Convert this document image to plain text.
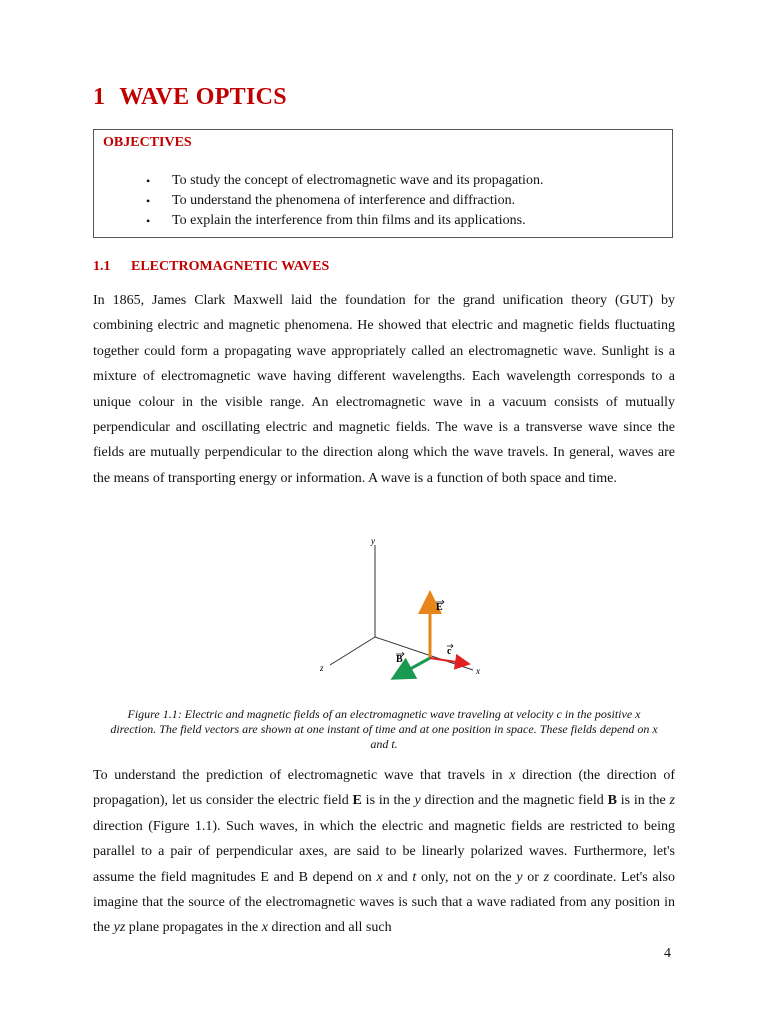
1 WAVE OPTICS
OBJECTIVES
• To study the concept of electromagnetic wave and its propagation.
• To understand the phenomena of interference and diffraction.
• To explain the interference from thin films and its applications.
1.1 ELECTROMAGNETIC WAVES

In 1865, James Clark Maxwell laid the foundation for the grand unification theory (GUT) by combining electric and magnetic phenomena. He showed that electric and magnetic fields fluctuating together could form a propagating wave appropriately called an electromagnetic wave. Sunlight is a mixture of electromagnetic wave having different wavelengths. Each wavelength corresponds to a unique colour in the visible range. An electromagnetic wave in a vacuum consists of mutually perpendicular and oscillating electric and magnetic fields. The wave is a transverse wave since the fields are mutually perpendicular to the direction along which the wave travels. In general, waves are the means of transporting energy or information. A wave is a function of both space and time.

y
x
z
E
B
c

Figure 1.1: Electric and magnetic fields of an electromagnetic wave traveling at velocity c in the positive x direction. The field vectors are shown at one instant of time and at one position in space. These fields depend on x and t.

To understand the prediction of electromagnetic wave that travels in x direction (the direction of propagation), let us consider the electric field E is in the y direction and the magnetic field B is in the z direction (Figure 1.1). Such waves, in which the electric and magnetic fields are restricted to being parallel to a pair of perpendicular axes, are said to be linearly polarized waves. Furthermore, let's assume the field magnitudes E and B depend on x and t only, not on the y or z coordinate. Let's also imagine that the source of the electromagnetic waves is such that a wave radiated from any position in the yz plane propagates in the x direction and all such

4
